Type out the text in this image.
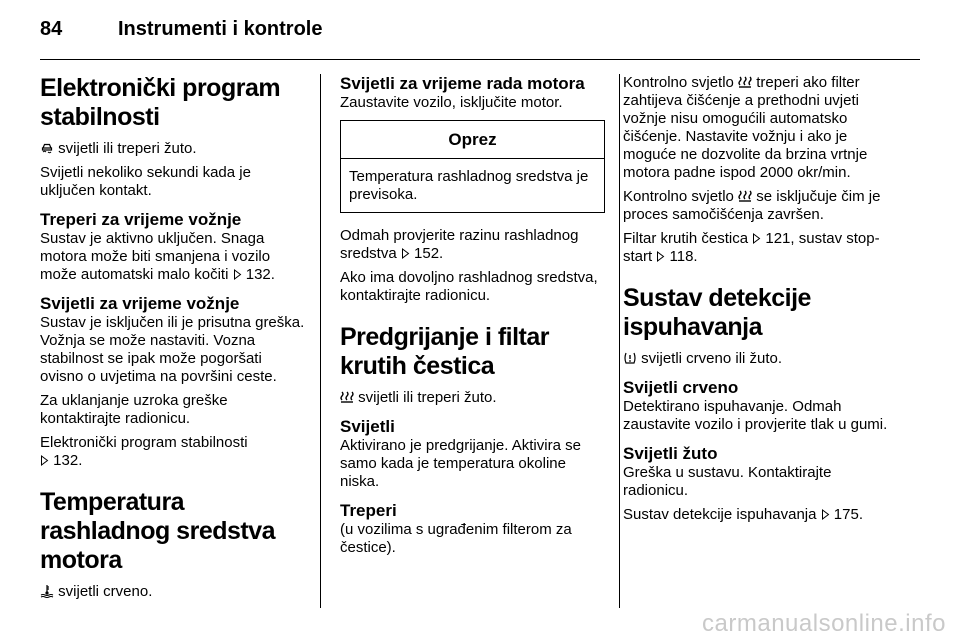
84	Instrumenti i kontrole
Elektronički program stabilnosti

svijetli ili treperi žuto.

Svijetli nekoliko sekundi kada je uključen kontakt.

Treperi za vrijeme vožnje

Sustav je aktivno uključen. Snaga motora može biti smanjena i vozilo može automatski malo kočiti  132.

Svijetli za vrijeme vožnje

Sustav je isključen ili je prisutna greška. Vožnja se može nastaviti. Vozna stabilnost se ipak može pogoršati ovisno o uvjetima na površini ceste.

Za uklanjanje uzroka greške kontaktirajte radionicu.

Elektronički program stabilnosti
132.

Temperatura rashladnog sredstva motora

svijetli crveno.

Svijetli za vrijeme rada motora

Zaustavite vozilo, isključite motor.

Oprez
Temperatura rashladnog sredstva je previsoka.

Odmah provjerite razinu rashladnog sredstva  152.

Ako ima dovoljno rashladnog sredstva, kontaktirajte radionicu.

Predgrijanje i filtar krutih čestica

svijetli ili treperi žuto.

Svijetli

Aktivirano je predgrijanje. Aktivira se samo kada je temperatura okoline niska.

Treperi

(u vozilima s ugrađenim filterom za čestice).

Kontrolno svjetlo  treperi ako filter zahtijeva čišćenje a prethodni uvjeti vožnje nisu omogućili automatsko čišćenje. Nastavite vožnju i ako je moguće ne dozvolite da brzina vrtnje motora padne ispod 2000 okr/min.

Kontrolno svjetlo  se isključuje čim je proces samočišćenja završen.

Filtar krutih čestica  121, sustav stop-start  118.

Sustav detekcije ispuhavanja

svijetli crveno ili žuto.

Svijetli crveno

Detektirano ispuhavanje. Odmah zaustavite vozilo i provjerite tlak u gumi.

Svijetli žuto

Greška u sustavu. Kontaktirajte radionicu.

Sustav detekcije ispuhavanja  175.

carmanualsonline.info
